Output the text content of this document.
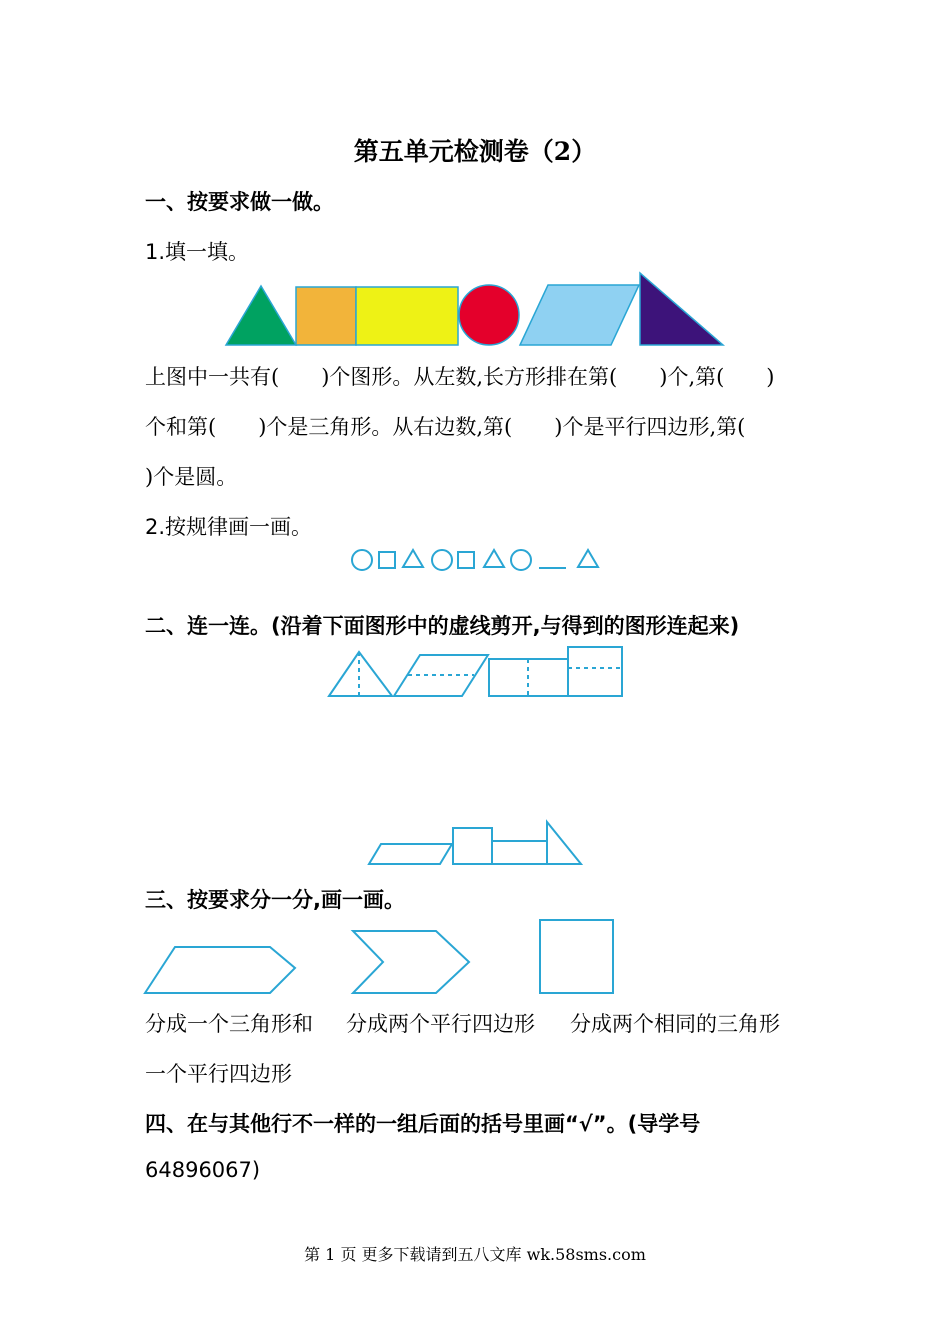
第五单元检测卷（2）
一、按要求做一做。
1.填一填。
上图中一共有(　　)个图形。从左数,长方形排在第(　　)个,第(　　)
个和第(　　)个是三角形。从右边数,第(　　)个是平行四边形,第(
)个是圆。
2.按规律画一画。
二、连一连。(沿着下面图形中的虚线剪开,与得到的图形连起来)
三、按要求分一分,画一画。
分成一个三角形和 分成两个平行四边形 分成两个相同的三角形
一个平行四边形
四、在与其他行不一样的一组后面的括号里画“√”。(导学号
64896067)
第 1 页 更多下载请到五八文库 wk.58sms.com
